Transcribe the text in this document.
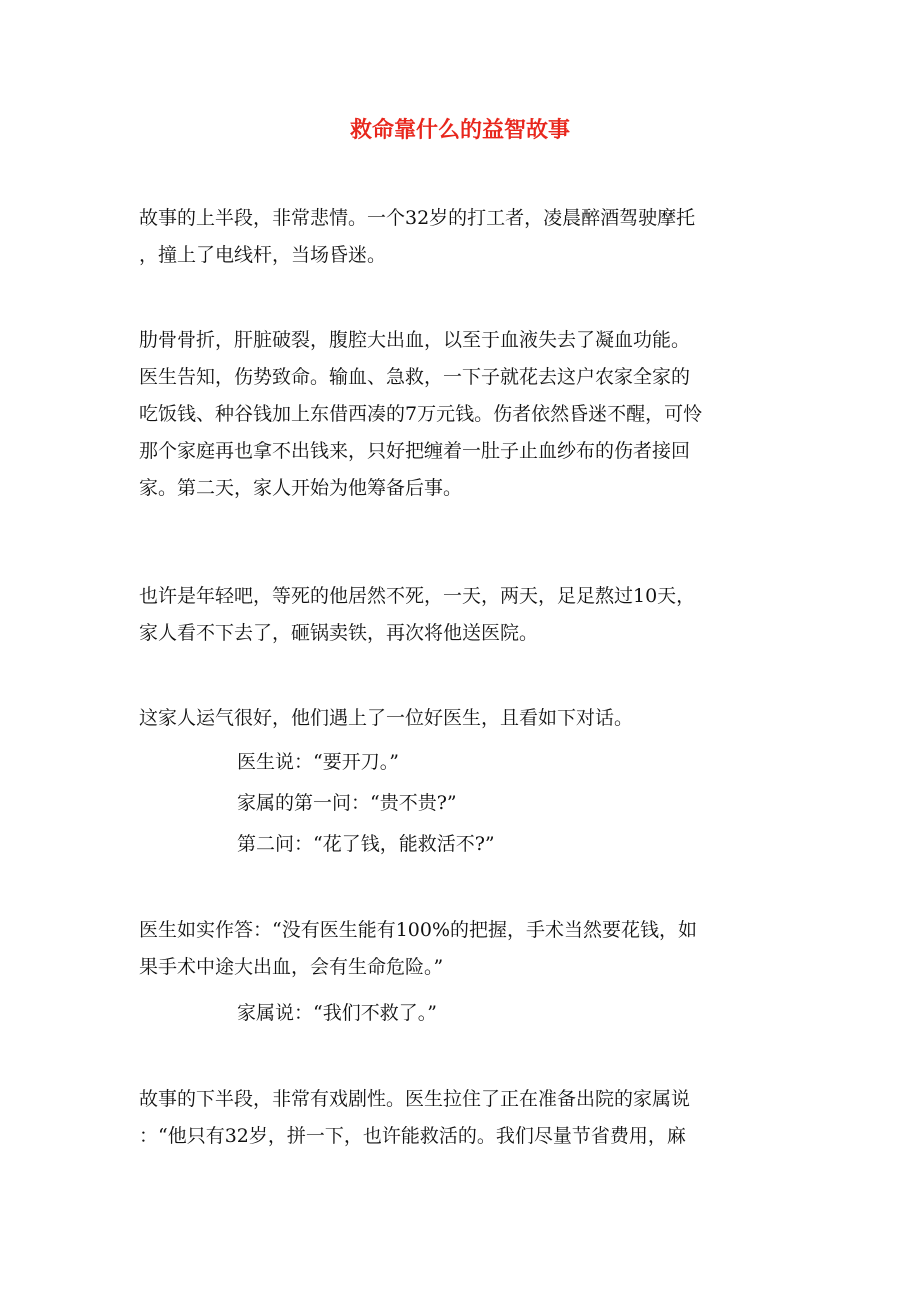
救命靠什么的益智故事
故事的上半段，非常悲情。一个32岁的打工者，凌晨醉酒驾驶摩托
，撞上了电线杆，当场昏迷。
肋骨骨折，肝脏破裂，腹腔大出血，以至于血液失去了凝血功能。
医生告知，伤势致命。输血、急救，一下子就花去这户农家全家的
吃饭钱、种谷钱加上东借西凑的7万元钱。伤者依然昏迷不醒，可怜
那个家庭再也拿不出钱来，只好把缠着一肚子止血纱布的伤者接回
家。第二天，家人开始为他筹备后事。
也许是年轻吧，等死的他居然不死，一天，两天，足足熬过10天，
家人看不下去了，砸锅卖铁，再次将他送医院。
这家人运气很好，他们遇上了一位好医生，且看如下对话。
医生说：“要开刀。”
家属的第一问：“贵不贵?”
第二问：“花了钱，能救活不?”
医生如实作答：“没有医生能有100%的把握，手术当然要花钱，如
果手术中途大出血，会有生命危险。”
家属说：“我们不救了。”
故事的下半段，非常有戏剧性。医生拉住了正在准备出院的家属说
：“他只有32岁，拼一下，也许能救活的。我们尽量节省费用，麻
